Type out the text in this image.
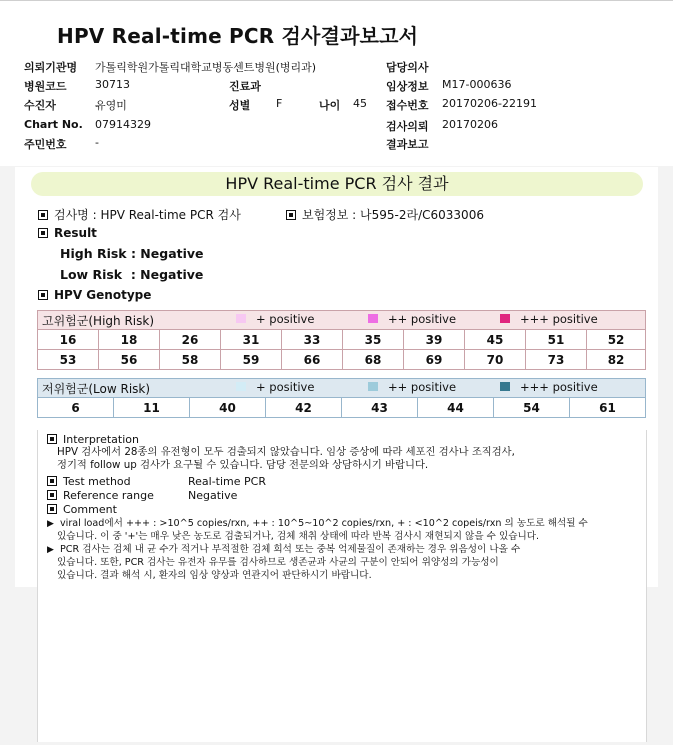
HPV Real-time PCR 검사결과보고서
의뢰기관명 가톨릭학원가톨릭대학교병동센트병원(병리과)
병원코드	30713
수진자	유영미
Chart No. 07914329
주민번호	-
진료과
성별 F	나이 45
담당의사
임상정보 M17-000636
접수번호 20170206-22191
검사의뢰 20170206
결과보고
HPV Real-time PCR 검사 결과
검사명 : HPV Real-time PCR 검사	보험정보 : 나595-2라/C6033006
Result
High Risk : Negative
Low Risk  : Negative
HPV Genotype
고위험군(High Risk)									
16	18	26	31	33	35	39	45	51	52
53	56	58	59	66	68	69	70	73	82
+ positive	++ positive	+++ positive
저위험군(Low Risk)
6	11	40	42	43	44	54	61
+ positive	++ positive	+++ positive
Interpretation
HPV 검사에서 28종의 유전형이 모두 검출되지 않았습니다. 임상 증상에 따라 세포진 검사나 조직검사,
정기적 follow up 검사가 요구될 수 있습니다. 담당 전문의와 상담하시기 바랍니다.
Test method	Real-time PCR
Reference range	Negative
Comment
▶ viral load에서 +++ : >10^5 copies/rxn, ++ : 10^5~10^2 copies/rxn, + : <10^2 copeis/rxn 의 농도로 해석될 수
있습니다. 이 중 '+'는 매우 낮은 농도로 검출되거나, 검체 채취 상태에 따라 반복 검사시 재현되지 않을 수 있습니다.
▶ PCR 검사는 검체 내 균 수가 적거나 부적절한 검체 희석 또는 중복 억제물질이 존재하는 경우 위음성이 나올 수
있습니다. 또한, PCR 검사는 유전자 유무를 검사하므로 생존균과 사균의 구분이 안되어 위양성의 가능성이
있습니다. 결과 해석 시, 환자의 임상 양상과 연관지어 판단하시기 바랍니다.
